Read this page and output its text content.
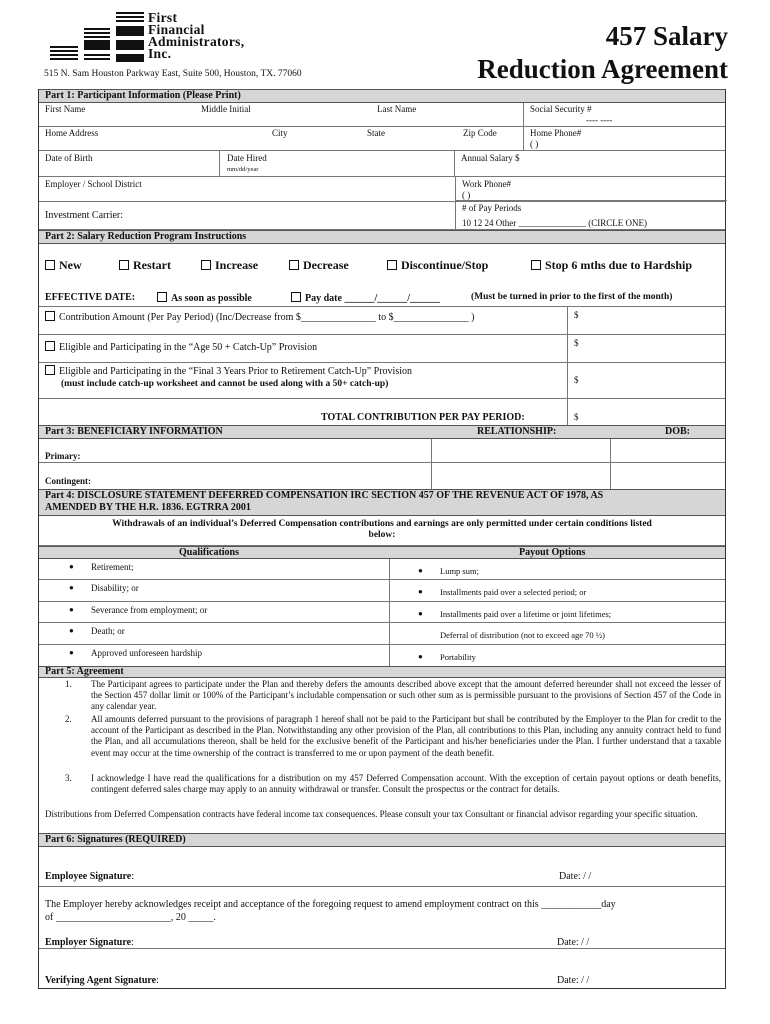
First
Financial
Administrators,
Inc.
515 N. Sam Houston Parkway East, Suite 500, Houston, TX. 77060
457 Salary
Reduction Agreement
Part 1: Participant Information (Please Print)
First Name	Middle Initial	Last Name	Social Security #
---- ----
Home Address	City	State	Zip Code	Home Phone#
( )
Date of Birth	Date Hired
mm/dd/year
Annual Salary $
Employer / School District	Work Phone#
( )
Investment Carrier:
# of Pay Periods
10 12 24 Other _______________ (CIRCLE ONE)
Part 2: Salary Reduction Program Instructions
New	Restart	Increase	Decrease	Discontinue/Stop	Stop 6 mths due to Hardship
EFFECTIVE DATE:	As soon as possible	Pay date ______/______/______	(Must be turned in prior to the first of the month)
Contribution Amount (Per Pay Period) (Inc/Decrease from $_______________ to $_______________ )	$
Eligible and Participating in the “Age 50 + Catch-Up” Provision	$
Eligible and Participating in the “Final 3 Years Prior to Retirement Catch-Up” Provision
(must include catch-up worksheet and cannot be used along with a 50+ catch-up)	$
TOTAL CONTRIBUTION PER PAY PERIOD:	$
Part 3: BENEFICIARY INFORMATION	RELATIONSHIP:	DOB:
Primary:
Contingent:
Part 4: DISCLOSURE STATEMENT DEFERRED COMPENSATION IRC SECTION 457 OF THE REVENUE ACT OF 1978, AS
AMENDED BY THE H.R. 1836. EGTRRA 2001
Withdrawals of an individual’s Deferred Compensation contributions and earnings are only permitted under certain conditions listed
below:
Qualifications	Payout Options
● Retirement;	● Lump sum;
● Disability; or	● Installments paid over a selected period; or
● Severance from employment; or	● Installments paid over a lifetime or joint lifetimes;
● Death; or	Deferral of distribution (not to exceed age 70 ½)
● Approved unforeseen hardship	● Portability
Part 5: Agreement
1. The Participant agrees to participate under the Plan and thereby defers the amounts described above except that the amount deferred hereunder shall not exceed the lesser of the Section 457 dollar limit or 100% of the Participant’s includable compensation or such other sum as is permissible pursuant to the provisions of Section 457 of the Code in any calendar year.
2. All amounts deferred pursuant to the provisions of paragraph 1 hereof shall not be paid to the Participant but shall be contributed by the Employer to the Plan for credit to the account of the Participant as described in the Plan. Notwithstanding any other provision of the Plan, all contributions to this Plan, including any annuity contract held to fund the Plan, and all accumulations thereon, shall be held for the exclusive benefit of the Participant and his/her beneficiaries under the Plan. I further understand that a taxable event may occur at the time ownership of the contract is transferred to me or upon payment of the death benefit.
3. I acknowledge I have read the qualifications for a distribution on my 457 Deferred Compensation account. With the exception of certain payout options or death benefits, contingent deferred sales charge may apply to an annuity withdrawal or transfer. Consult the prospectus or the contract for details.
Distributions from Deferred Compensation contracts have federal income tax consequences. Please consult your tax Consultant or financial advisor regarding your specific situation.
Part 6: Signatures (REQUIRED)
Employee Signature:	Date: / /
The Employer hereby acknowledges receipt and acceptance of the foregoing request to amend employment contract on this ____________day
of _______________________, 20 _____.
Employer Signature:	Date: / /
Verifying Agent Signature:	Date: / /
